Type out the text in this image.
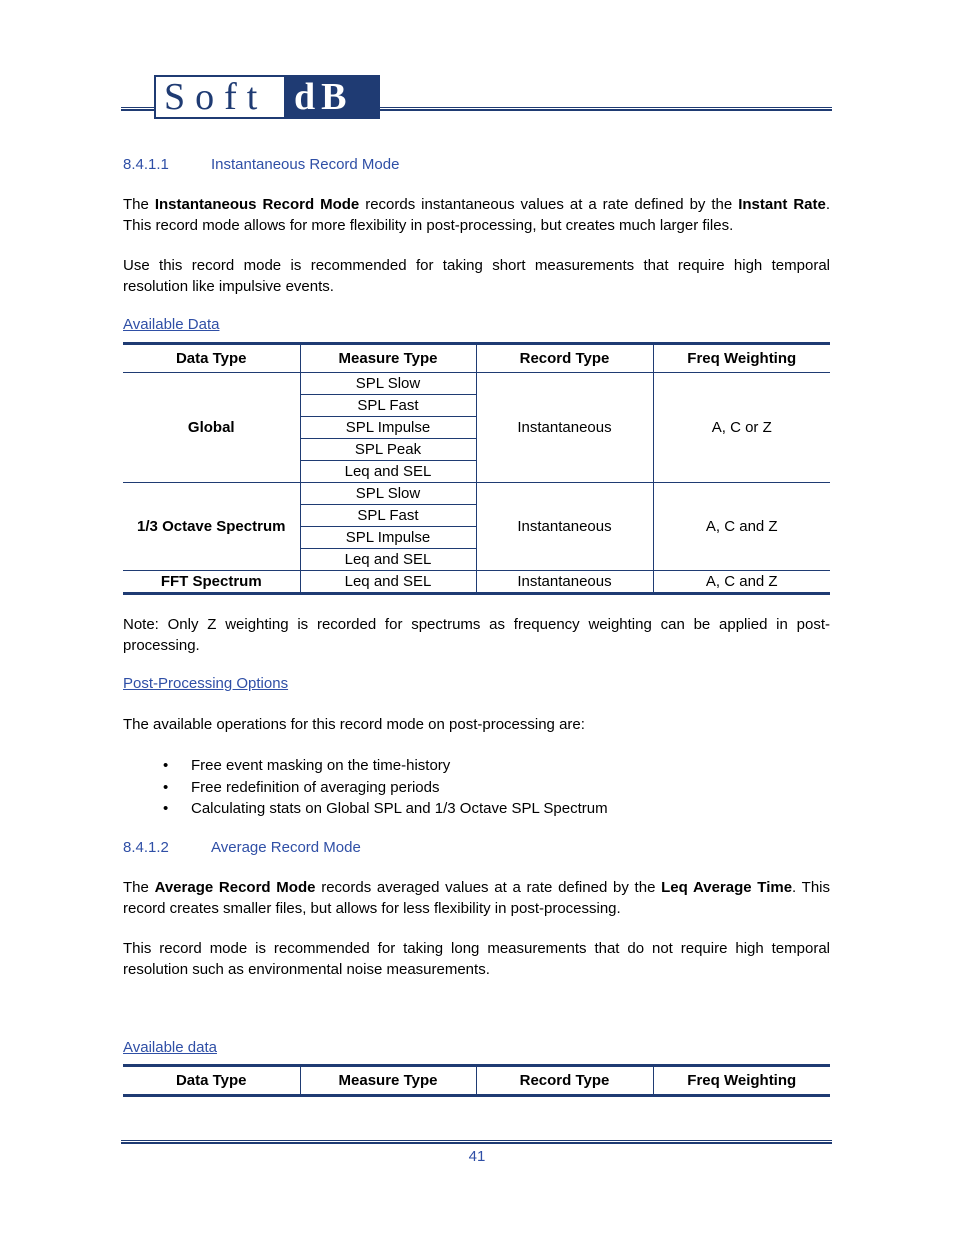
Soft dB
8.4.1.1	Instantaneous Record Mode
The Instantaneous Record Mode records instantaneous values at a rate defined by the Instant Rate. This record mode allows for more flexibility in post-processing, but creates much larger files.
Use this record mode is recommended for taking short measurements that require high temporal resolution like impulsive events.
Available Data
Data Type	Measure Type	Record Type	Freq Weighting
Global	SPL Slow	Instantaneous	A, C or Z
	SPL Fast		
	SPL Impulse		
	SPL Peak		
	Leq and SEL		
1/3 Octave Spectrum	SPL Slow	Instantaneous	A, C and Z
	SPL Fast		
	SPL Impulse		
	Leq and SEL		
FFT Spectrum	Leq and SEL	Instantaneous	A, C and Z
Note: Only Z weighting is recorded for spectrums as frequency weighting can be applied in post-processing.
Post-Processing Options
The available operations for this record mode on post-processing are:
• Free event masking on the time-history
• Free redefinition of averaging periods
• Calculating stats on Global SPL and 1/3 Octave SPL Spectrum
8.4.1.2	Average Record Mode
The Average Record Mode records averaged values at a rate defined by the Leq Average Time. This record creates smaller files, but allows for less flexibility in post-processing.
This record mode is recommended for taking long measurements that do not require high temporal resolution such as environmental noise measurements.
Available data
Data Type	Measure Type	Record Type	Freq Weighting
41
